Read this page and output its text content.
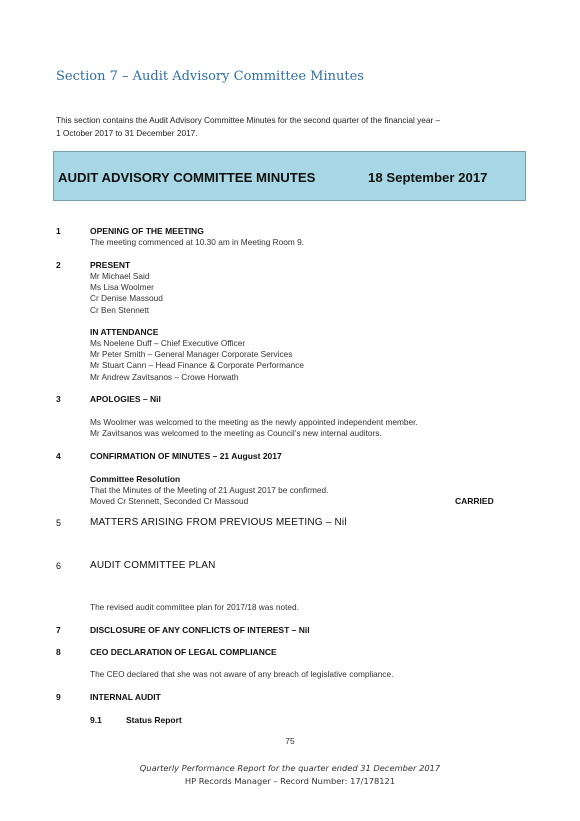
Section 7 – Audit Advisory Committee Minutes
This section contains the Audit Advisory Committee Minutes for the second quarter of the financial year –
1 October 2017 to 31 December 2017.
AUDIT ADVISORY COMMITTEE MINUTES	18 September 2017
1	OPENING OF THE MEETING
The meeting commenced at 10.30 am in Meeting Room 9.
2	PRESENT
Mr Michael Said
Ms Lisa Woolmer
Cr Denise Massoud
Cr Ben Stennett
IN ATTENDANCE
Ms Noelene Duff – Chief Executive Officer
Mr Peter Smith – General Manager Corporate Services
Mr Stuart Cann – Head Finance & Corporate Performance
Mr Andrew Zavitsanos – Crowe Horwath
3	APOLOGIES – Nil
Ms Woolmer was welcomed to the meeting as the newly appointed independent member.
Mr Zavitsanos was welcomed to the meeting as Council’s new internal auditors.
4	CONFIRMATION OF MINUTES – 21 August 2017
Committee Resolution
That the Minutes of the Meeting of 21 August 2017 be confirmed.
Moved Cr Stennett, Seconded Cr Massoud	CARRIED
5	MATTERS ARISING FROM PREVIOUS MEETING – Nil
6	AUDIT COMMITTEE PLAN
The revised audit committee plan for 2017/18 was noted.
7	DISCLOSURE OF ANY CONFLICTS OF INTEREST – Nil
8	CEO DECLARATION OF LEGAL COMPLIANCE
The CEO declared that she was not aware of any breach of legislative compliance.
9	INTERNAL AUDIT
9.1	Status Report
75
Quarterly Performance Report for the quarter ended 31 December 2017
HP Records Manager – Record Number: 17/178121
